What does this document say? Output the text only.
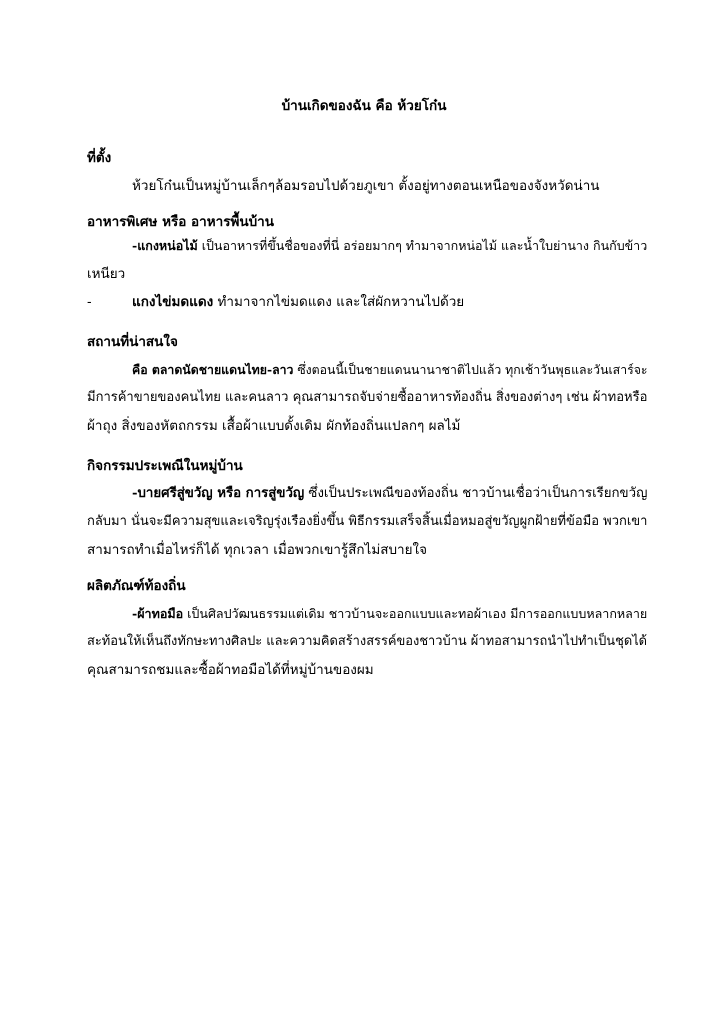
บ้านเกิดของฉัน คือ ห้วยโก๋น
ที่ตั้ง
ห้วยโก๋นเป็นหมู่บ้านเล็กๆล้อมรอบไปด้วยภูเขา ตั้งอยู่ทางตอนเหนือของจังหวัดน่าน
อาหารพิเศษ หรือ อาหารพื้นบ้าน
-แกงหน่อไม้ เป็นอาหารที่ขึ้นชื่อของที่นี่ อร่อยมากๆ ทำมาจากหน่อไม้ และน้ำใบย่านาง กินกับข้าว
เหนียว
-	แกงไข่มดแดง ทำมาจากไข่มดแดง และใส่ผักหวานไปด้วย
สถานที่น่าสนใจ
คือ ตลาดนัดชายแดนไทย-ลาว ซึ่งตอนนี้เป็นชายแดนนานาชาติไปแล้ว ทุกเช้าวันพุธและวันเสาร์จะ
มีการค้าขายของคนไทย และคนลาว คุณสามารถจับจ่ายซื้ออาหารท้องถิ่น สิ่งของต่างๆ เช่น ผ้าทอหรือ
ผ้าถุง สิ่งของหัตถกรรม เสื้อผ้าแบบดั้งเดิม ผักท้องถิ่นแปลกๆ ผลไม้
กิจกรรมประเพณีในหมู่บ้าน
-บายศรีสู่ขวัญ หรือ การสู่ขวัญ ซึ่งเป็นประเพณีของท้องถิ่น ชาวบ้านเชื่อว่าเป็นการเรียกขวัญ
กลับมา นั่นจะมีความสุขและเจริญรุ่งเรืองยิ่งขึ้น พิธีกรรมเสร็จสิ้นเมื่อหมอสู่ขวัญผูกฝ้ายที่ข้อมือ พวกเขา
สามารถทำเมื่อไหร่ก็ได้ ทุกเวลา เมื่อพวกเขารู้สึกไม่สบายใจ
ผลิตภัณฑ์ท้องถิ่น
-ผ้าทอมือ เป็นศิลปวัฒนธรรมแต่เดิม ชาวบ้านจะออกแบบและทอผ้าเอง มีการออกแบบหลากหลาย
สะท้อนให้เห็นถึงทักษะทางศิลปะ และความคิดสร้างสรรค์ของชาวบ้าน ผ้าทอสามารถนำไปทำเป็นชุดได้
คุณสามารถชมและซื้อผ้าทอมือได้ที่หมู่บ้านของผม
